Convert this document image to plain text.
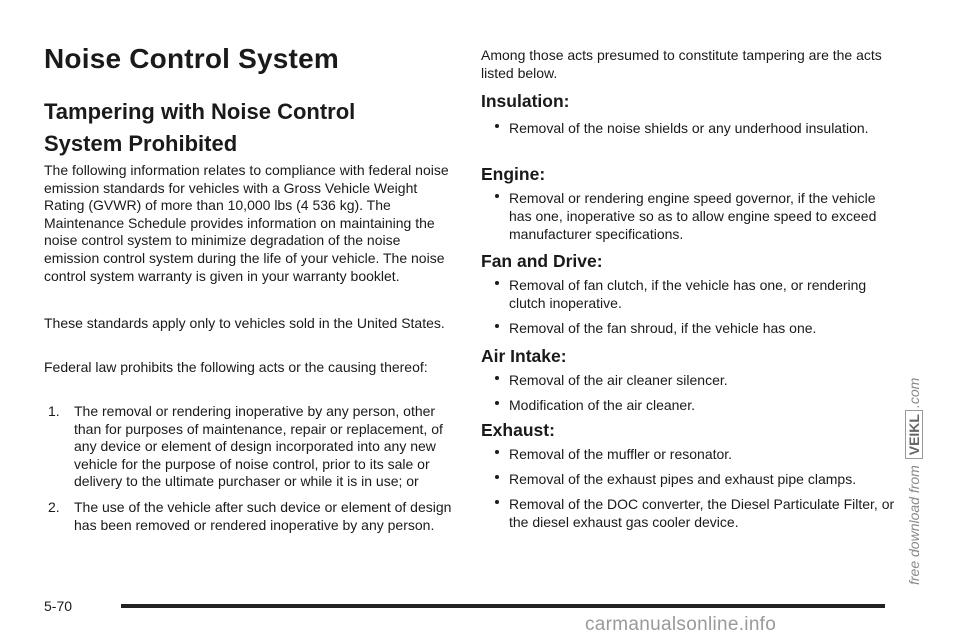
Noise Control System
Tampering with Noise Control
System Prohibited

The following information relates to compliance with federal noise emission standards for vehicles with a Gross Vehicle Weight Rating (GVWR) of more than 10,000 lbs (4 536 kg). The Maintenance Schedule provides information on maintaining the noise control system to minimize degradation of the noise emission control system during the life of your vehicle. The noise control system warranty is given in your warranty booklet.

These standards apply only to vehicles sold in the United States.

Federal law prohibits the following acts or the causing thereof:

1. The removal or rendering inoperative by any person, other than for purposes of maintenance, repair or replacement, of any device or element of design incorporated into any new vehicle for the purpose of noise control, prior to its sale or delivery to the ultimate purchaser or while it is in use; or
2. The use of the vehicle after such device or element of design has been removed or rendered inoperative by any person.

Among those acts presumed to constitute tampering are the acts listed below.

Insulation:
Removal of the noise shields or any underhood insulation.
Engine:
Removal or rendering engine speed governor, if the vehicle has one, inoperative so as to allow engine speed to exceed manufacturer specifications.
Fan and Drive:
Removal of fan clutch, if the vehicle has one, or rendering clutch inoperative.
Removal of the fan shroud, if the vehicle has one.
Air Intake:
Removal of the air cleaner silencer.
Modification of the air cleaner.
Exhaust:
Removal of the muffler or resonator.
Removal of the exhaust pipes and exhaust pipe clamps.
Removal of the DOC converter, the Diesel Particulate Filter, or the diesel exhaust gas cooler device.
5-70
free download from VEIKL.com
carmanualsonline.info
